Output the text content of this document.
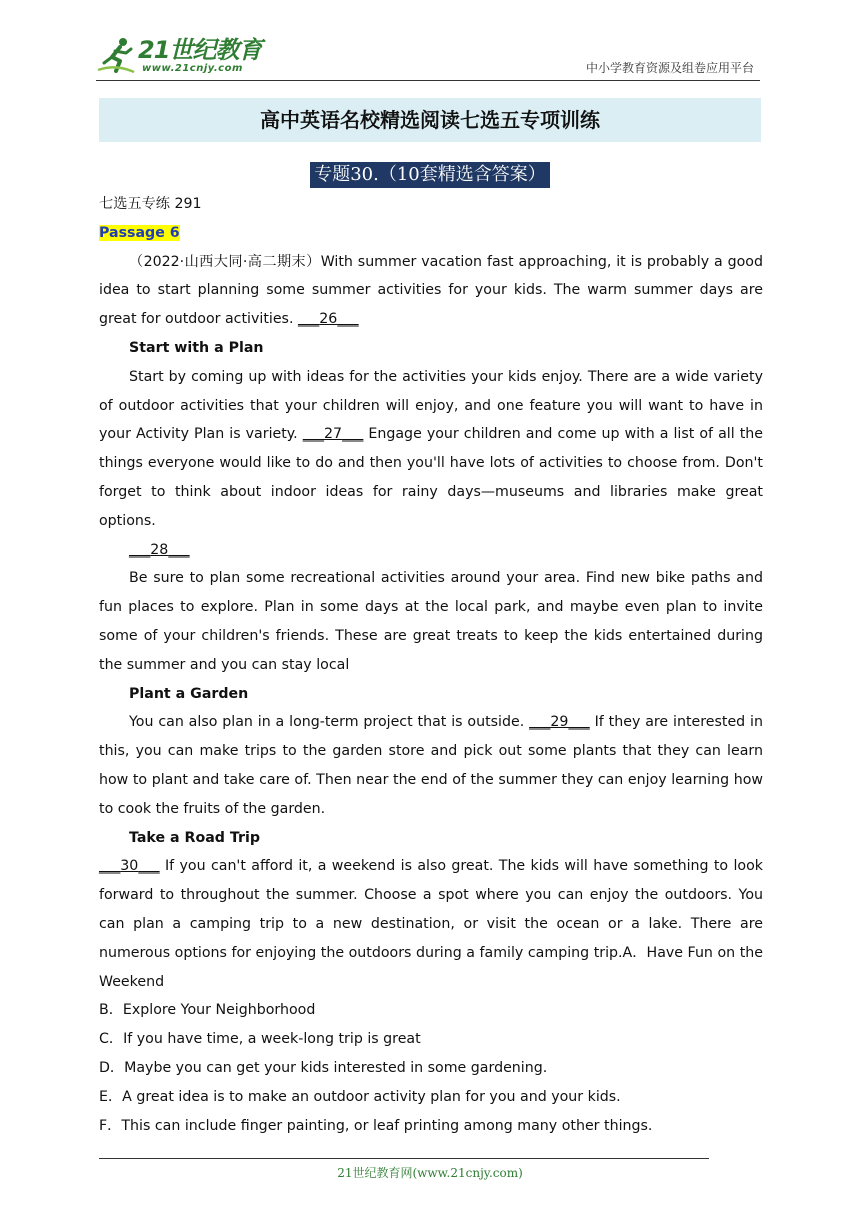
21世纪教育
www.21cnjy.com	中小学教育资源及组卷应用平台
高中英语名校精选阅读七选五专项训练
专题30.（10套精选含答案）

七选五专练 291

Passage 6

（2022·山西大同·高二期末）With summer vacation fast approaching, it is probably a good idea to start planning some summer activities for your kids. The warm summer days are great for outdoor activities. ___26___

Start with a Plan

Start by coming up with ideas for the activities your kids enjoy. There are a wide variety of outdoor activities that your children will enjoy, and one feature you will want to have in your Activity Plan is variety. ___27___ Engage your children and come up with a list of all the things everyone would like to do and then you'll have lots of activities to choose from. Don't forget to think about indoor ideas for rainy days—museums and libraries make great options.

___28___

Be sure to plan some recreational activities around your area. Find new bike paths and fun places to explore. Plan in some days at the local park, and maybe even plan to invite some of your children's friends. These are great treats to keep the kids entertained during the summer and you can stay local

Plant a Garden

You can also plan in a long-term project that is outside. ___29___ If they are interested in this, you can make trips to the garden store and pick out some plants that they can learn how to plant and take care of. Then near the end of the summer they can enjoy learning how to cook the fruits of the garden.

Take a Road Trip

___30___ If you can't afford it, a weekend is also great. The kids will have something to look forward to throughout the summer. Choose a spot where you can enjoy the outdoors. You can plan a camping trip to a new destination, or visit the ocean or a lake. There are numerous options for enjoying the outdoors during a family camping trip.A．Have Fun on the Weekend

B．Explore Your Neighborhood

C．If you have time, a week-long trip is great

D．Maybe you can get your kids interested in some gardening.

E．A great idea is to make an outdoor activity plan for you and your kids.

F．This can include finger painting, or leaf printing among many other things.

21世纪教育网(www.21cnjy.com)
